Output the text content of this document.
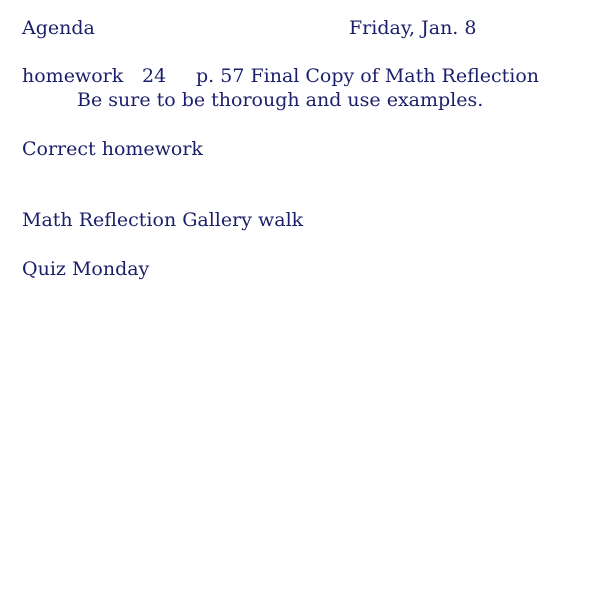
Agenda	Friday, Jan. 8
homework 24 p. 57 Final Copy of Math Reflection
Be sure to be thorough and use examples.
Correct homework
Math Reflection Gallery walk
Quiz Monday
